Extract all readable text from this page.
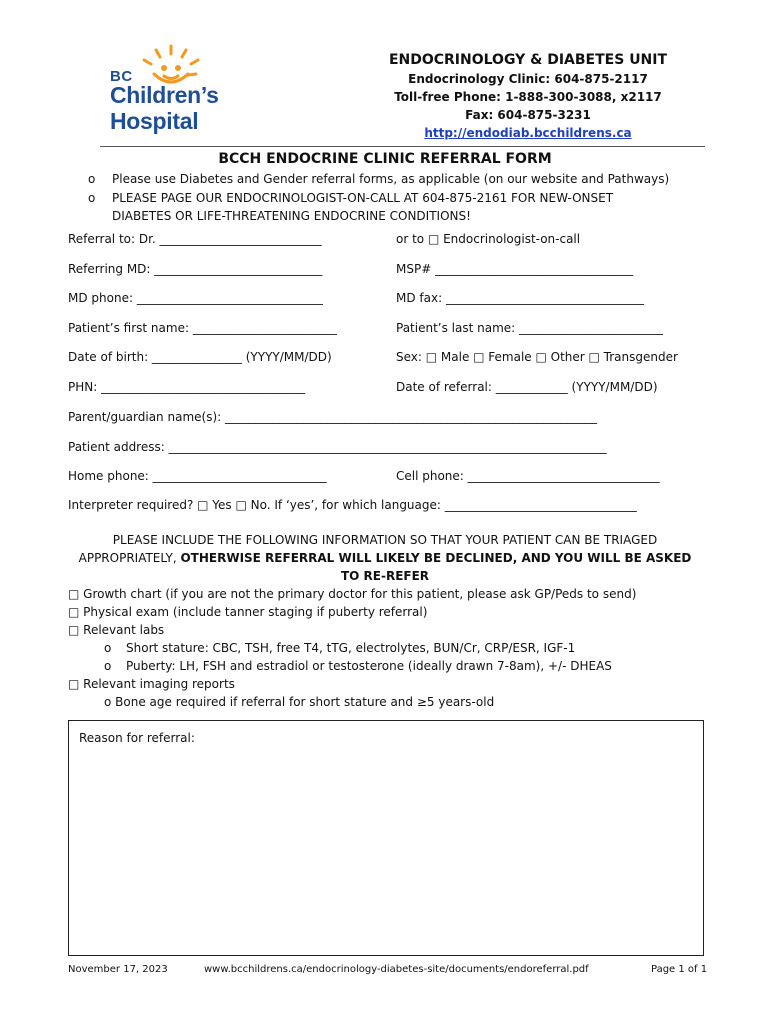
BC
Children’s
Hospital
ENDOCRINOLOGY & DIABETES UNIT
Endocrinology Clinic: 604-875-2117
Toll-free Phone: 1-888-300-3088, x2117
Fax: 604-875-3231
http://endodiab.bcchildrens.ca
BCCH ENDOCRINE CLINIC REFERRAL FORM
o Please use Diabetes and Gender referral forms, as applicable (on our website and Pathways)
o PLEASE PAGE OUR ENDOCRINOLOGIST-ON-CALL AT 604-875-2161 FOR NEW-ONSET
DIABETES OR LIFE-THREATENING ENDOCRINE CONDITIONS!
Referral to: Dr. ___________________________	or to □ Endocrinologist-on-call
Referring MD: ____________________________	MSP# _________________________________
MD phone: _______________________________	MD fax: _________________________________
Patient’s first name: ________________________	Patient’s last name: ________________________
Date of birth: _______________ (YYYY/MM/DD)	Sex: □ Male □ Female □ Other □ Transgender
PHN: __________________________________	Date of referral: ____________ (YYYY/MM/DD)
Parent/guardian name(s): ______________________________________________________________
Patient address: _________________________________________________________________________
Home phone: _____________________________	Cell phone: ________________________________
Interpreter required? □ Yes □ No. If ‘yes’, for which language: ________________________________
PLEASE INCLUDE THE FOLLOWING INFORMATION SO THAT YOUR PATIENT CAN BE TRIAGED
APPROPRIATELY, OTHERWISE REFERRAL WILL LIKELY BE DECLINED, AND YOU WILL BE ASKED
TO RE-REFER
□ Growth chart (if you are not the primary doctor for this patient, please ask GP/Peds to send)
□ Physical exam (include tanner staging if puberty referral)
□ Relevant labs
o Short stature: CBC, TSH, free T4, tTG, electrolytes, BUN/Cr, CRP/ESR, IGF-1
o Puberty: LH, FSH and estradiol or testosterone (ideally drawn 7-8am), +/- DHEAS
□ Relevant imaging reports
o Bone age required if referral for short stature and ≥5 years-old
Reason for referral:
November 17, 2023	www.bcchildrens.ca/endocrinology-diabetes-site/documents/endoreferral.pdf	Page 1 of 1
